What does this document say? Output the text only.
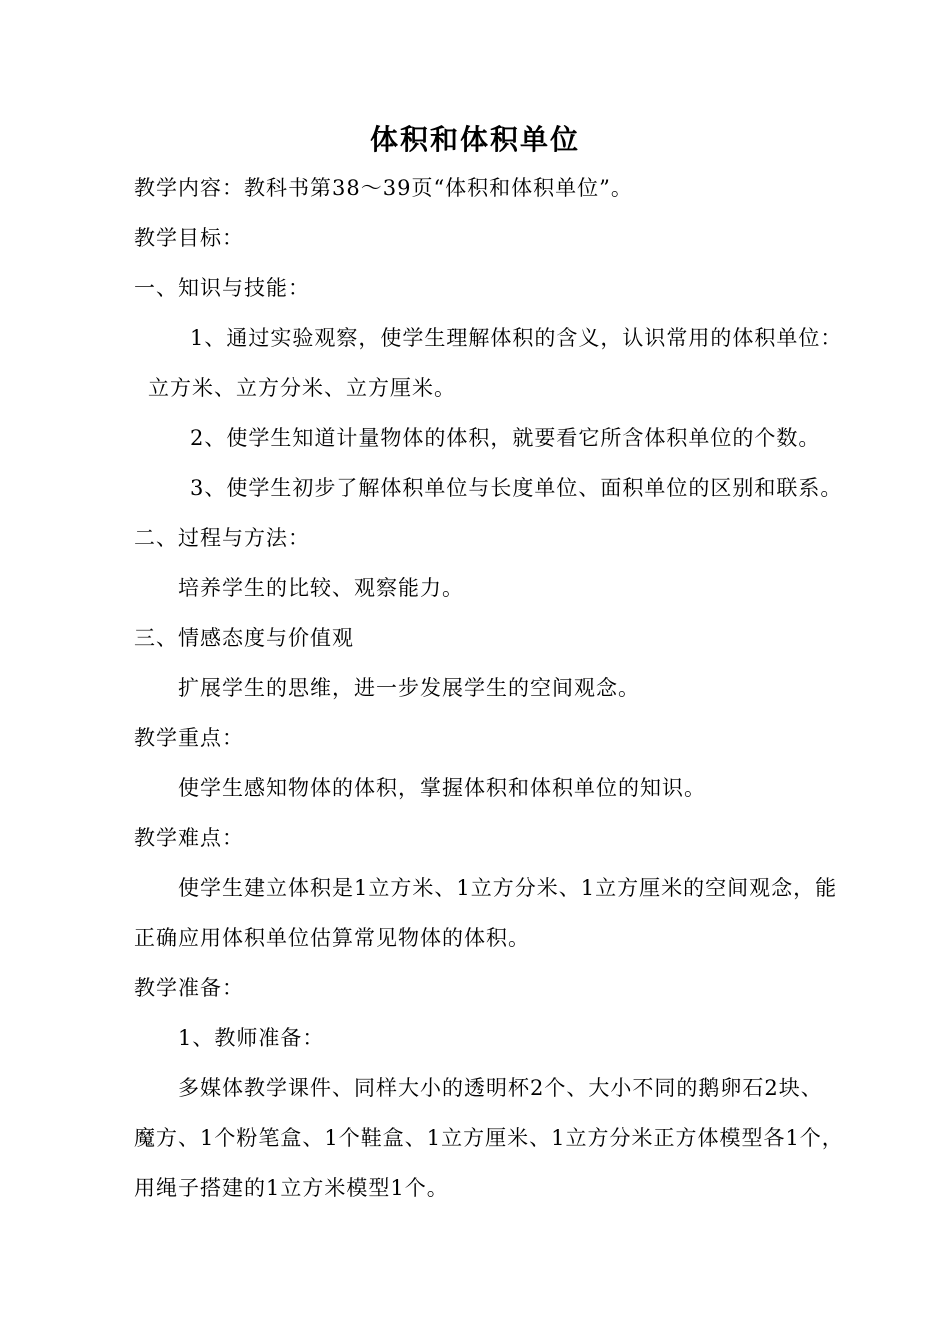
体积和体积单位
教学内容：教科书第38～39页“体积和体积单位”。
教学目标：
一、知识与技能：
1、通过实验观察，使学生理解体积的含义，认识常用的体积单位：
立方米、立方分米、立方厘米。
2、使学生知道计量物体的体积，就要看它所含体积单位的个数。
3、使学生初步了解体积单位与长度单位、面积单位的区别和联系。
二、过程与方法：
培养学生的比较、观察能力。
三、情感态度与价值观
扩展学生的思维，进一步发展学生的空间观念。
教学重点：
使学生感知物体的体积，掌握体积和体积单位的知识。
教学难点：
使学生建立体积是1立方米、1立方分米、1立方厘米的空间观念，能
正确应用体积单位估算常见物体的体积。
教学准备：
1、教师准备：
多媒体教学课件、同样大小的透明杯2个、大小不同的鹅卵石2块、
魔方、1个粉笔盒、1个鞋盒、1立方厘米、1立方分米正方体模型各1个，
用绳子搭建的1立方米模型1个。
